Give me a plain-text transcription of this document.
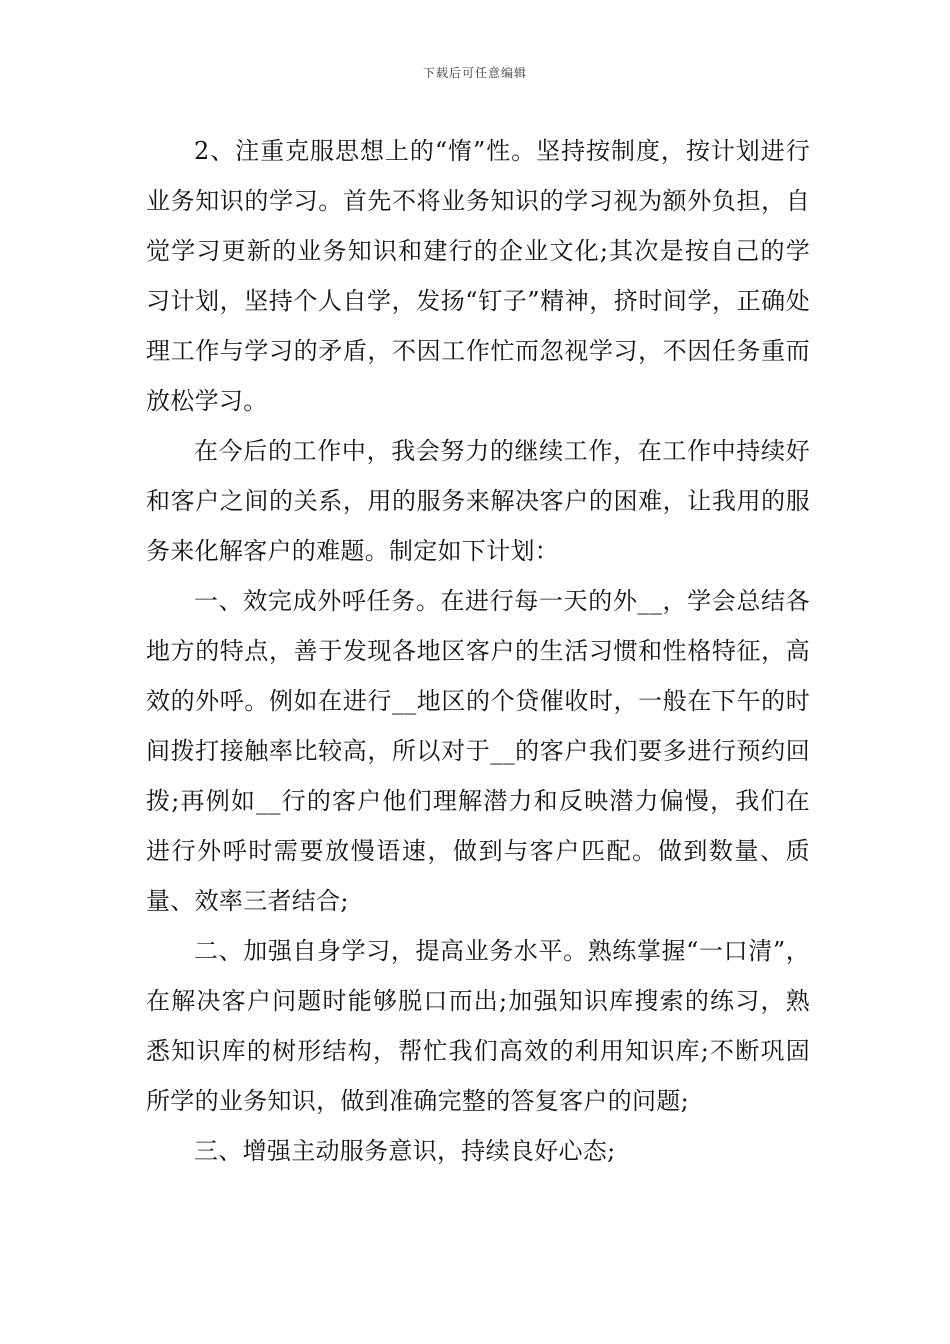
下载后可任意编辑

2、注重克服思想上的“惰”性。坚持按制度，按计划进行业务知识的学习。首先不将业务知识的学习视为额外负担，自觉学习更新的业务知识和建行的企业文化;其次是按自己的学习计划，坚持个人自学，发扬“钉子”精神，挤时间学，正确处理工作与学习的矛盾，不因工作忙而忽视学习，不因任务重而放松学习。

在今后的工作中，我会努力的继续工作，在工作中持续好和客户之间的关系，用的服务来解决客户的困难，让我用的服务来化解客户的难题。制定如下计划：

一、效完成外呼任务。在进行每一天的外__，学会总结各地方的特点，善于发现各地区客户的生活习惯和性格特征，高效的外呼。例如在进行__地区的个贷催收时，一般在下午的时间拨打接触率比较高，所以对于__的客户我们要多进行预约回拨;再例如__行的客户他们理解潜力和反映潜力偏慢，我们在进行外呼时需要放慢语速，做到与客户匹配。做到数量、质量、效率三者结合;

二、加强自身学习，提高业务水平。熟练掌握“一口清”，在解决客户问题时能够脱口而出;加强知识库搜索的练习，熟悉知识库的树形结构，帮忙我们高效的利用知识库;不断巩固所学的业务知识，做到准确完整的答复客户的问题;

三、增强主动服务意识，持续良好心态;
